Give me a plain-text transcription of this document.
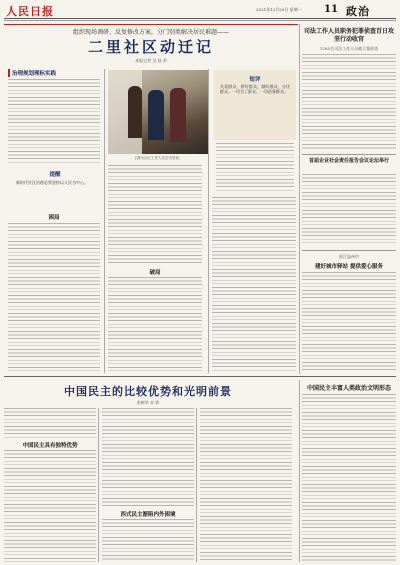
人民日报	2021年12月20日 星期一 11 政治
组织现场调研、反复修改方案，分门别类解决居民难题——
二里社区动迁记
本报记者 吴 秋 余
治理规划理标实践
上图为社区工作人员走访居民。
短评
关爱群众，带好群众，倾听群众，分忧群众。一切为了群众，一切依靠群众。
提醒
新时代社区治理必须坚持以人民为中心。
破局
困局
司法工作人员职务犯罪侦查百日攻坚行动收官
1285名司法工作人员被立案侦查
首届企业社会责任报告会议论坛举行
浙江温州市
建好城市驿站 提供爱心服务
中国民主的比较优势和光明前景
张树华 宋 轶
中国民主具有独特优势
西式民主渐陷内外困境
中国民主丰富人类政治文明形态
